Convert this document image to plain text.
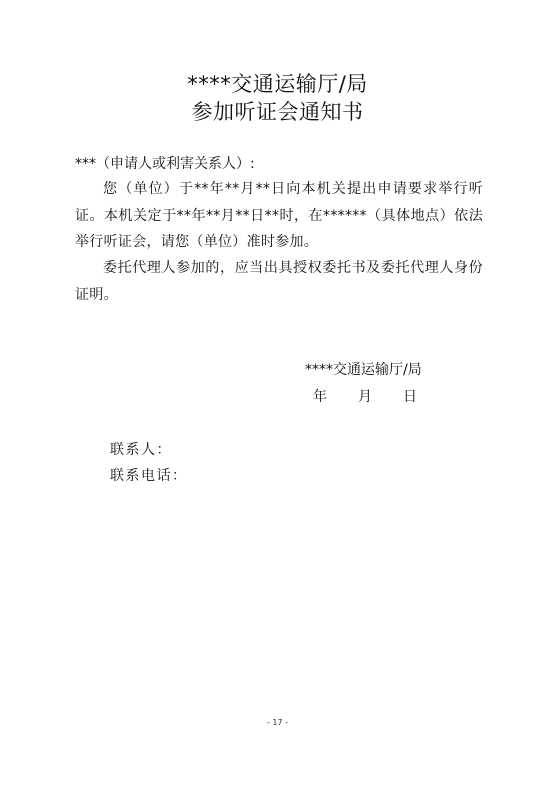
****交通运输厅/局
参加听证会通知书
***（申请人或利害关系人）:
您（单位）于**年**月**日向本机关提出申请要求举行听证。本机关定于**年**月**日**时，在******（具体地点）依法举行听证会，请您（单位）准时参加。
委托代理人参加的，应当出具授权委托书及委托代理人身份证明。
****交通运输厅/局
年 月 日
联系人：
联系电话：
- 17 -
